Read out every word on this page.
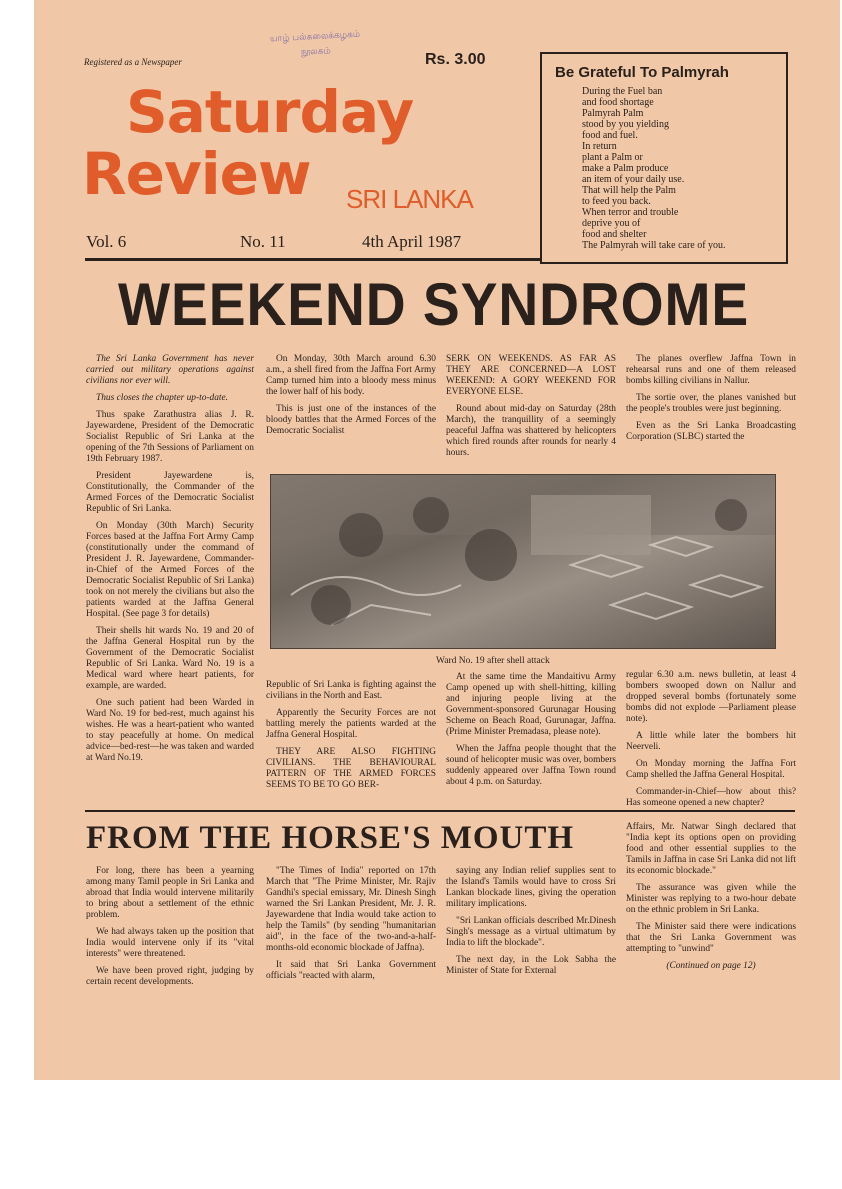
Registered as a Newspaper
யாழ் பல்கலைக்கழகம்
நூலகம்	Rs. 3.00
Saturday
Review SRI LANKA
Vol. 6	No. 11	4th April 1987
Be Grateful To Palmyrah
During the Fuel ban
and food shortage
Palmyrah Palm
stood by you yielding
food and fuel.
In return
plant a Palm or
make a Palm produce
an item of your daily use.
That will help the Palm
to feed you back.
When terror and trouble
deprive you of
food and shelter
The Palmyrah will take care of you.
WEEKEND SYNDROME

The Sri Lanka Government has never carried out military operations against civilians nor ever will.

Thus closes the chapter up-to-date.

Thus spake Zarathustra alias J. R. Jayewardene, President of the Democratic Socialist Republic of Sri Lanka at the opening of the 7th Sessions of Parliament on 19th February 1987.

President Jayewardene is, Constitutionally, the Commander of the Armed Forces of the Democratic Socialist Republic of Sri Lanka.

On Monday (30th March) Security Forces based at the Jaffna Fort Army Camp (constitutionally under the command of President J. R. Jayewardene, Commander-in-Chief of the Armed Forces of the Democratic Socialist Republic of Sri Lanka) took on not merely the civilians but also the patients warded at the Jaffna General Hospital. (See page 3 for details)

Their shells hit wards No. 19 and 20 of the Jaffna General Hospital run by the Government of the Democratic Socialist Republic of Sri Lanka. Ward No. 19 is a Medical ward where heart patients, for example, are warded.

One such patient had been Warded in Ward No. 19 for bed-rest, much against his wishes. He was a heart-patient who wanted to stay peacefully at home. On medical advice—bed-rest—he was taken and warded at Ward No.19.

On Monday, 30th March around 6.30 a.m., a shell fired from the Jaffna Fort Army Camp turned him into a bloody mess minus the lower half of his body.

This is just one of the instances of the bloody battles that the Armed Forces of the Democratic Socialist

SERK ON WEEKENDS. AS FAR AS THEY ARE CONCERNED—A LOST WEEKEND: A GORY WEEKEND FOR EVERYONE ELSE.

Round about mid-day on Saturday (28th March), the tranquillity of a seemingly peaceful Jaffna was shattered by helicopters which fired rounds after rounds for nearly 4 hours.

The planes overflew Jaffna Town in rehearsal runs and one of them released bombs killing civilians in Nallur.

The sortie over, the planes vanished but the people's troubles were just beginning.

Even as the Sri Lanka Broadcasting Corporation (SLBC) started the

Ward No. 19 after shell attack

Republic of Sri Lanka is fighting against the civilians in the North and East.

Apparently the Security Forces are not battling merely the patients warded at the Jaffna General Hospital.

THEY ARE ALSO FIGHTING CIVILIANS. THE BEHAVIOURAL PATTERN OF THE ARMED FORCES SEEMS TO BE TO GO BER-

At the same time the Mandaitivu Army Camp opened up with shell-hitting, killing and injuring people living at the Government-sponsored Gurunagar Housing Scheme on Beach Road, Gurunagar, Jaffna. (Prime Minister Premadasa, please note).

When the Jaffna people thought that the sound of helicopter music was over, bombers suddenly appeared over Jaffna Town round about 4 p.m. on Saturday.

regular 6.30 a.m. news bulletin, at least 4 bombers swooped down on Nallur and dropped several bombs (fortunately some bombs did not explode —Parliament please note).

A little while later the bombers hit Neerveli.

On Monday morning the Jaffna Fort Camp shelled the Jaffna General Hospital.

Commander-in-Chief—how about this? Has someone opened a new chapter?

FROM THE HORSE'S MOUTH

For long, there has been a yearning among many Tamil people in Sri Lanka and abroad that India would intervene militarily to bring about a settlement of the ethnic problem.

We had always taken up the position that India would intervene only if its "vital interests" were threatened.

We have been proved right, judging by certain recent developments.

"The Times of India" reported on 17th March that "The Prime Minister, Mr. Rajiv Gandhi's special emissary, Mr. Dinesh Singh warned the Sri Lankan President, Mr. J. R. Jayewardene that India would take action to help the Tamils" (by sending "humanitarian aid", in the face of the two-and-a-half-months-old economic blockade of Jaffna).

It said that Sri Lanka Government officials "reacted with alarm,

saying any Indian relief supplies sent to the Island's Tamils would have to cross Sri Lankan blockade lines, giving the operation military implications.

"Sri Lankan officials described Mr.Dinesh Singh's message as a virtual ultimatum by India to lift the blockade".

The next day, in the Lok Sabha the Minister of State for External

Affairs, Mr. Natwar Singh declared that "India kept its options open on providing food and other essential supplies to the Tamils in Jaffna in case Sri Lanka did not lift its economic blockade."

The assurance was given while the Minister was replying to a two-hour debate on the ethnic problem in Sri Lanka.

The Minister said there were indications that the Sri Lanka Government was attempting to "unwind"

(Continued on page 12)
